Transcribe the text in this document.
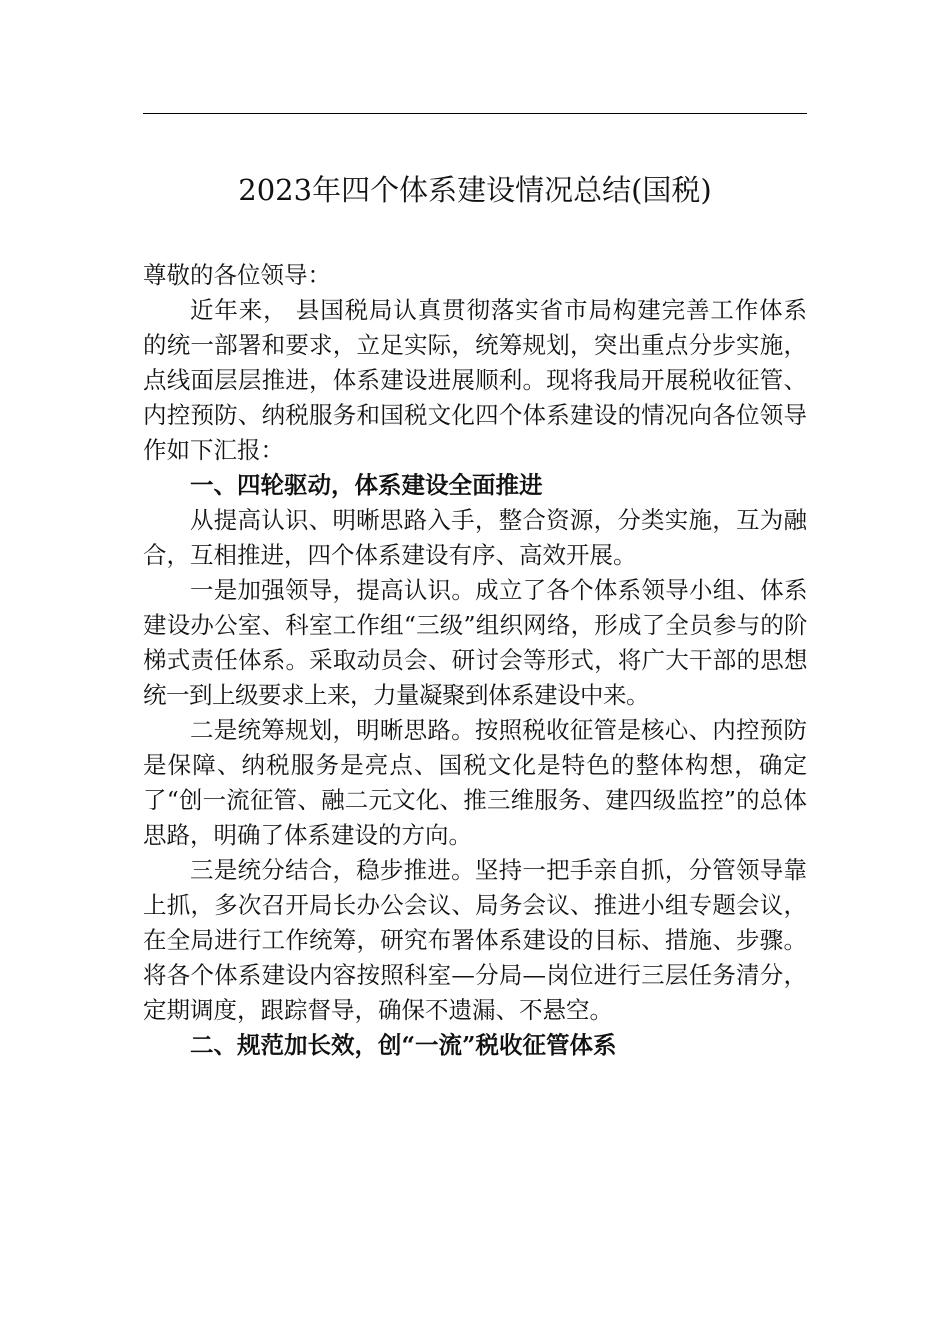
2023年四个体系建设情况总结(国税)

尊敬的各位领导：

近年来， 县国税局认真贯彻落实省市局构建完善工作体系的统一部署和要求，立足实际，统筹规划，突出重点分步实施，点线面层层推进，体系建设进展顺利。现将我局开展税收征管、内控预防、纳税服务和国税文化四个体系建设的情况向各位领导作如下汇报：

一、四轮驱动，体系建设全面推进

从提高认识、明晰思路入手，整合资源，分类实施，互为融合，互相推进，四个体系建设有序、高效开展。

一是加强领导，提高认识。成立了各个体系领导小组、体系建设办公室、科室工作组“三级”组织网络，形成了全员参与的阶梯式责任体系。采取动员会、研讨会等形式，将广大干部的思想统一到上级要求上来，力量凝聚到体系建设中来。

二是统筹规划，明晰思路。按照税收征管是核心、内控预防是保障、纳税服务是亮点、国税文化是特色的整体构想，确定了“创一流征管、融二元文化、推三维服务、建四级监控”的总体思路，明确了体系建设的方向。

三是统分结合，稳步推进。坚持一把手亲自抓，分管领导靠上抓，多次召开局长办公会议、局务会议、推进小组专题会议，在全局进行工作统筹，研究布署体系建设的目标、措施、步骤。将各个体系建设内容按照科室—分局—岗位进行三层任务清分，定期调度，跟踪督导，确保不遗漏、不悬空。

二、规范加长效，创“一流”税收征管体系
